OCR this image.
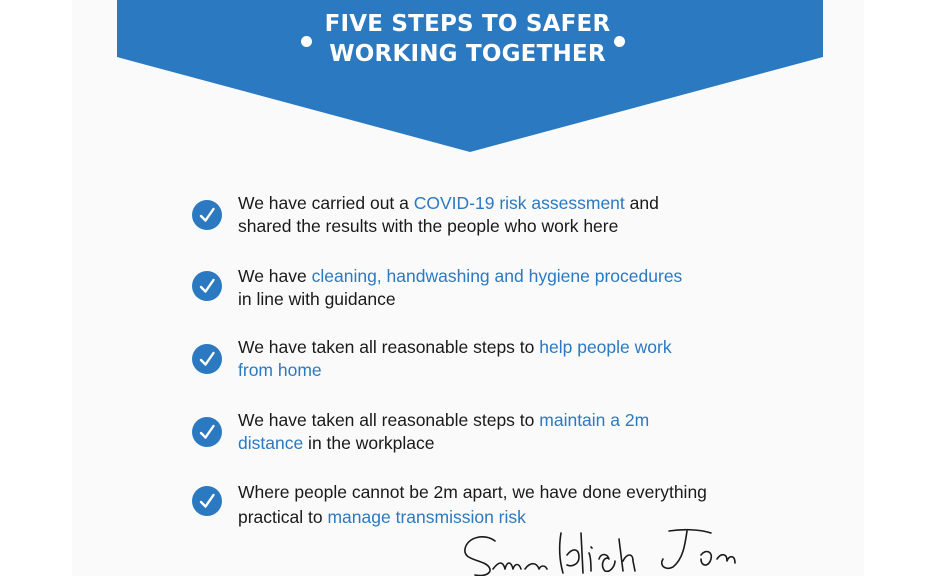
FIVE STEPS TO SAFER
WORKING TOGETHER
We have carried out a COVID-19 risk assessment and
shared the results with the people who work here
We have cleaning, handwashing and hygiene procedures
in line with guidance
We have taken all reasonable steps to help people work
from home
We have taken all reasonable steps to maintain a 2m
distance in the workplace
Where people cannot be 2m apart, we have done everything
practical to manage transmission risk
